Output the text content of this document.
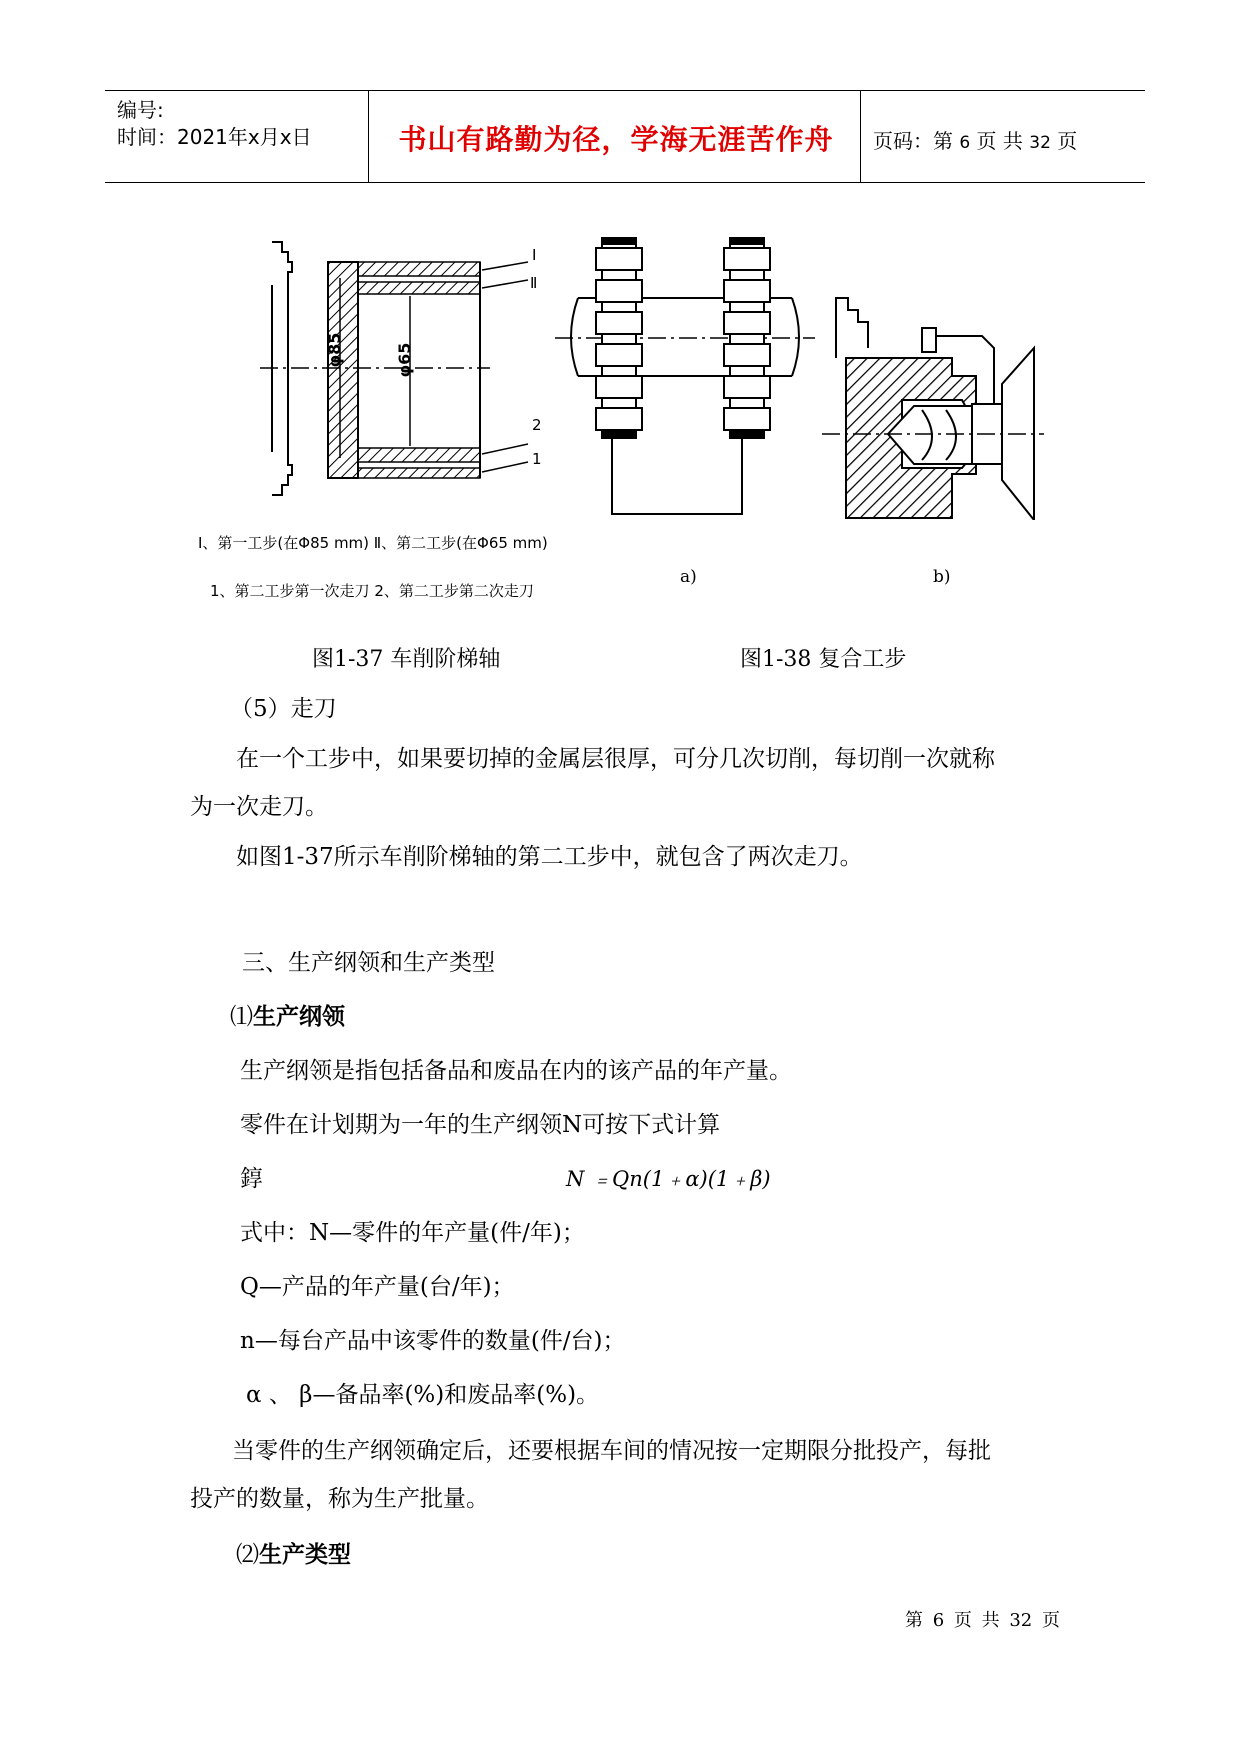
编号:
时间：2021年x月x日	书山有路勤为径，学海无涯苦作舟	页码：第 6 页 共 32 页
φ85	φ65
I
Ⅱ
2
1
Ⅰ、第一工步(在Φ85 mm) Ⅱ、第二工步(在Φ65 mm)
1、第二工步第一次走刀 2、第二工步第二次走刀
a)	b)
图1-37 车削阶梯轴	图1-38 复合工步
（5）走刀
在一个工步中，如果要切掉的金属层很厚，可分几次切削，每切削一次就称
为一次走刀。
如图1-37所示车削阶梯轴的第二工步中，就包含了两次走刀。
三、生产纲领和生产类型
⑴生产纲领
生产纲领是指包括备品和废品在内的该产品的年产量。
零件在计划期为一年的生产纲领N可按下式计算
錞	N ﹦Qn(1﹢α)(1﹢β)
式中：N—零件的年产量(件/年)；
Q—产品的年产量(台/年)；
n—每台产品中该零件的数量(件/台)；
α 、 β—备品率(%)和废品率(%)。
当零件的生产纲领确定后，还要根据车间的情况按一定期限分批投产，每批
投产的数量，称为生产批量。
⑵生产类型
第 6 页 共 32 页
